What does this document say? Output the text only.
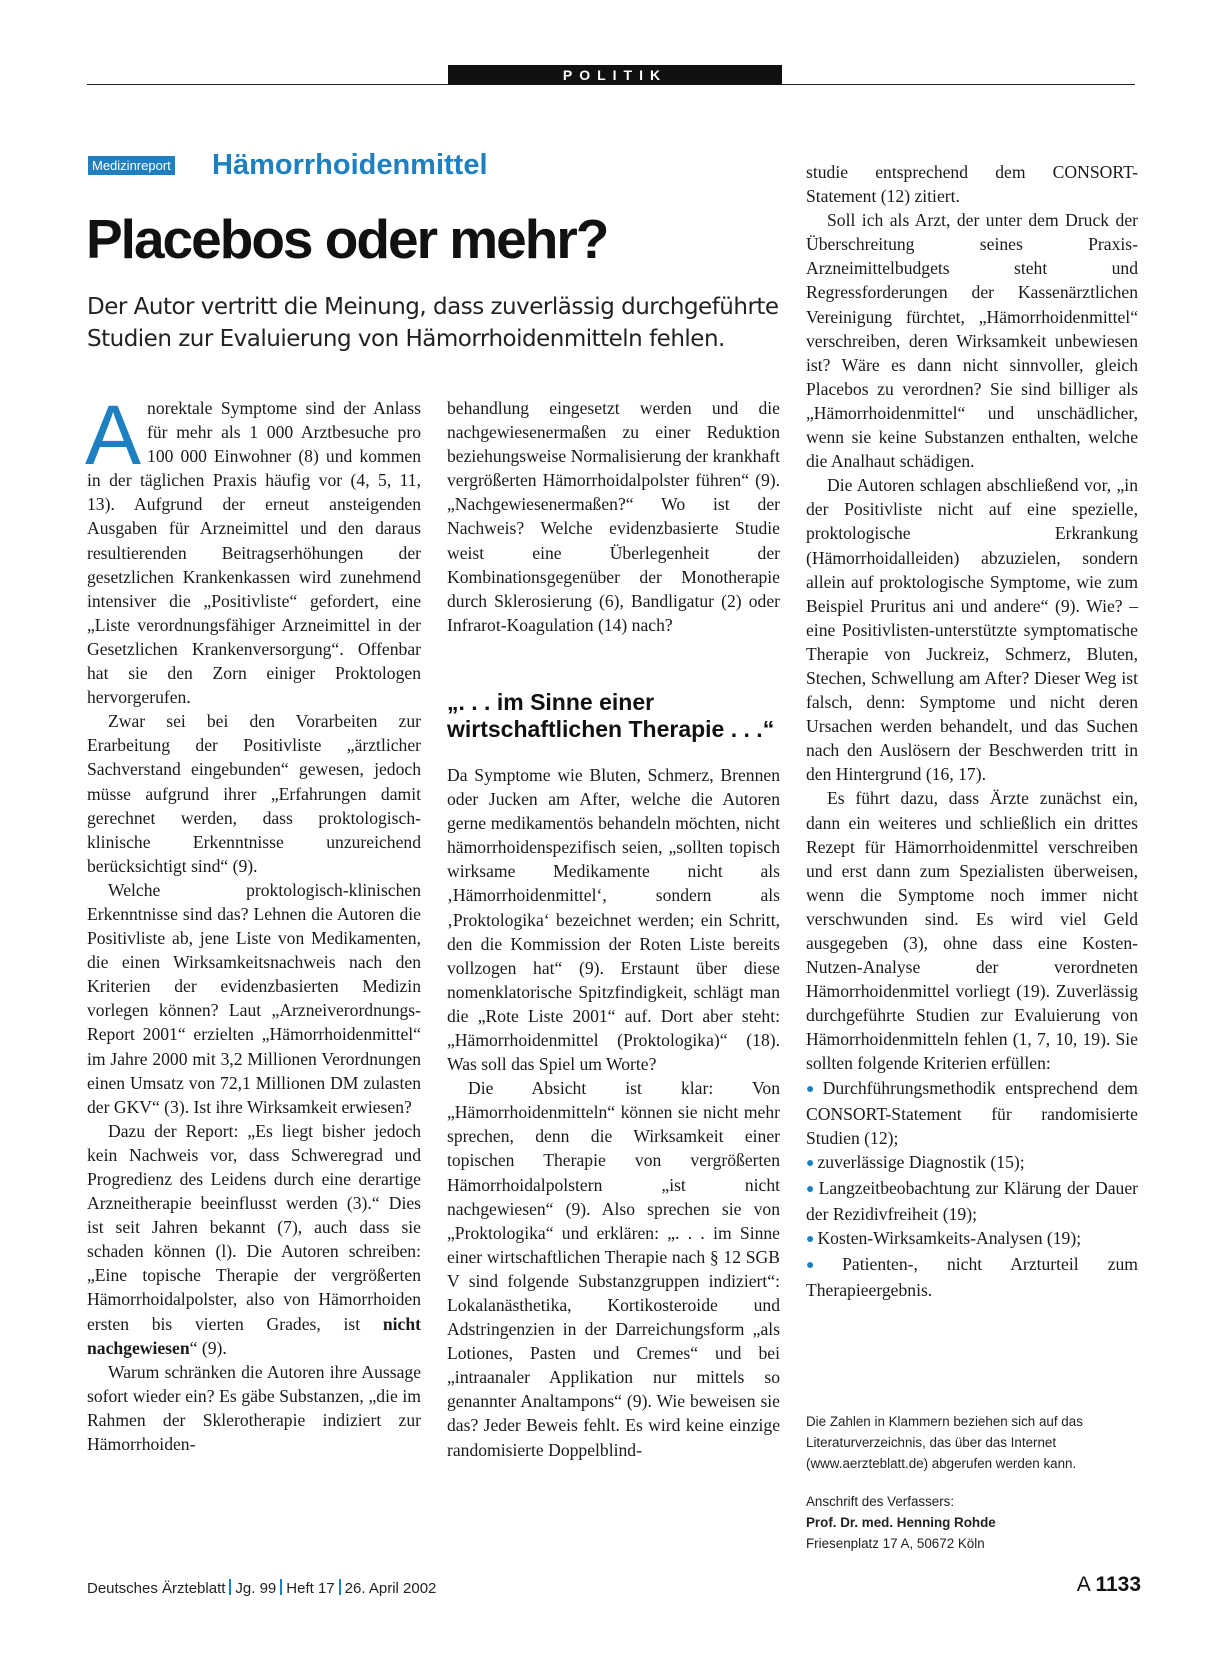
POLITIK
Medizinreport Hämorrhoidenmittel
Placebos oder mehr?
Der Autor vertritt die Meinung, dass zuverlässig durchgeführte Studien zur Evaluierung von Hämorrhoidenmitteln fehlen.

Anorektale Symptome sind der Anlass für mehr als 1 000 Arztbesuche pro 100 000 Einwohner (8) und kommen in der täglichen Praxis häufig vor (4, 5, 11, 13). Aufgrund der erneut ansteigenden Ausgaben für Arzneimittel und den daraus resultierenden Beitragserhöhungen der gesetzlichen Krankenkassen wird zunehmend intensiver die „Positivliste“ gefordert, eine „Liste verordnungsfähiger Arzneimittel in der Gesetzlichen Krankenversorgung“. Offenbar hat sie den Zorn einiger Proktologen hervorgerufen.

Zwar sei bei den Vorarbeiten zur Erarbeitung der Positivliste „ärztlicher Sachverstand eingebunden“ gewesen, jedoch müsse aufgrund ihrer „Erfahrungen damit gerechnet werden, dass proktologisch-klinische Erkenntnisse unzureichend berücksichtigt sind“ (9).

Welche proktologisch-klinischen Erkenntnisse sind das? Lehnen die Autoren die Positivliste ab, jene Liste von Medikamenten, die einen Wirksamkeitsnachweis nach den Kriterien der evidenzbasierten Medizin vorlegen können? Laut „Arzneiverordnungs-Report 2001“ erzielten „Hämorrhoidenmittel“ im Jahre 2000 mit 3,2 Millionen Verordnungen einen Umsatz von 72,1 Millionen DM zulasten der GKV“ (3). Ist ihre Wirksamkeit erwiesen?

Dazu der Report: „Es liegt bisher jedoch kein Nachweis vor, dass Schweregrad und Progredienz des Leidens durch eine derartige Arzneitherapie beeinflusst werden (3).“ Dies ist seit Jahren bekannt (7), auch dass sie schaden können (l). Die Autoren schreiben: „Eine topische Therapie der vergrößerten Hämorrhoidalpolster, also von Hämorrhoiden ersten bis vierten Grades, ist nicht nachgewiesen“ (9).

Warum schränken die Autoren ihre Aussage sofort wieder ein? Es gäbe Substanzen, „die im Rahmen der Sklerotherapie indiziert zur Hämorrhoiden-

behandlung eingesetzt werden und die nachgewiesenermaßen zu einer Reduktion beziehungsweise Normalisierung der krankhaft vergrößerten Hämorrhoidalpolster führen“ (9). „Nachgewiesenermaßen?“ Wo ist der Nachweis? Welche evidenzbasierte Studie weist eine Überlegenheit der Kombinationsgegenüber der Monotherapie durch Sklerosierung (6), Bandligatur (2) oder Infrarot-Koagulation (14) nach?

„. . . im Sinne einer wirtschaftlichen Therapie . . .“

Da Symptome wie Bluten, Schmerz, Brennen oder Jucken am After, welche die Autoren gerne medikamentös behandeln möchten, nicht hämorrhoidenspezifisch seien, „sollten topisch wirksame Medikamente nicht als ‚Hämorrhoidenmittel‘, sondern als ‚Proktologika‘ bezeichnet werden; ein Schritt, den die Kommission der Roten Liste bereits vollzogen hat“ (9). Erstaunt über diese nomenklatorische Spitzfindigkeit, schlägt man die „Rote Liste 2001“ auf. Dort aber steht: „Hämorrhoidenmittel (Proktologika)“ (18). Was soll das Spiel um Worte?

Die Absicht ist klar: Von „Hämorrhoidenmitteln“ können sie nicht mehr sprechen, denn die Wirksamkeit einer topischen Therapie von vergrößerten Hämorrhoidalpolstern „ist nicht nachgewiesen“ (9). Also sprechen sie von „Proktologika“ und erklären: „. . . im Sinne einer wirtschaftlichen Therapie nach § 12 SGB V sind folgende Substanzgruppen indiziert“: Lokalanästhetika, Kortikosteroide und Adstringenzien in der Darreichungsform „als Lotiones, Pasten und Cremes“ und bei „intraanaler Applikation nur mittels so genannter Analtampons“ (9). Wie beweisen sie das? Jeder Beweis fehlt. Es wird keine einzige randomisierte Doppelblind-

studie entsprechend dem CONSORT-Statement (12) zitiert.

Soll ich als Arzt, der unter dem Druck der Überschreitung seines Praxis-Arzneimittelbudgets steht und Regressforderungen der Kassenärztlichen Vereinigung fürchtet, „Hämorrhoidenmittel“ verschreiben, deren Wirksamkeit unbewiesen ist? Wäre es dann nicht sinnvoller, gleich Placebos zu verordnen? Sie sind billiger als „Hämorrhoidenmittel“ und unschädlicher, wenn sie keine Substanzen enthalten, welche die Analhaut schädigen.

Die Autoren schlagen abschließend vor, „in der Positivliste nicht auf eine spezielle, proktologische Erkrankung (Hämorrhoidalleiden) abzuzielen, sondern allein auf proktologische Symptome, wie zum Beispiel Pruritus ani und andere“ (9). Wie? – eine Positivlisten-unterstützte symptomatische Therapie von Juckreiz, Schmerz, Bluten, Stechen, Schwellung am After? Dieser Weg ist falsch, denn: Symptome und nicht deren Ursachen werden behandelt, und das Suchen nach den Auslösern der Beschwerden tritt in den Hintergrund (16, 17).

Es führt dazu, dass Ärzte zunächst ein, dann ein weiteres und schließlich ein drittes Rezept für Hämorrhoidenmittel verschreiben und erst dann zum Spezialisten überweisen, wenn die Symptome noch immer nicht verschwunden sind. Es wird viel Geld ausgegeben (3), ohne dass eine Kosten-Nutzen-Analyse der verordneten Hämorrhoidenmittel vorliegt (19). Zuverlässig durchgeführte Studien zur Evaluierung von Hämorrhoidenmitteln fehlen (1, 7, 10, 19). Sie sollten folgende Kriterien erfüllen:

● Durchführungsmethodik entsprechend dem CONSORT-Statement für randomisierte Studien (12);

● zuverlässige Diagnostik (15);

● Langzeitbeobachtung zur Klärung der Dauer der Rezidivfreiheit (19);

● Kosten-Wirksamkeits-Analysen (19);

● Patienten-, nicht Arzturteil zum Therapieergebnis.

Die Zahlen in Klammern beziehen sich auf das Literaturverzeichnis, das über das Internet (www.aerzteblatt.de) abgerufen werden kann.
Anschrift des Verfassers:
Prof. Dr. med. Henning Rohde
Friesenplatz 17 A, 50672 Köln
Deutsches Ärzteblatt Jg. 99 Heft 17 26. April 2002	A 1133
